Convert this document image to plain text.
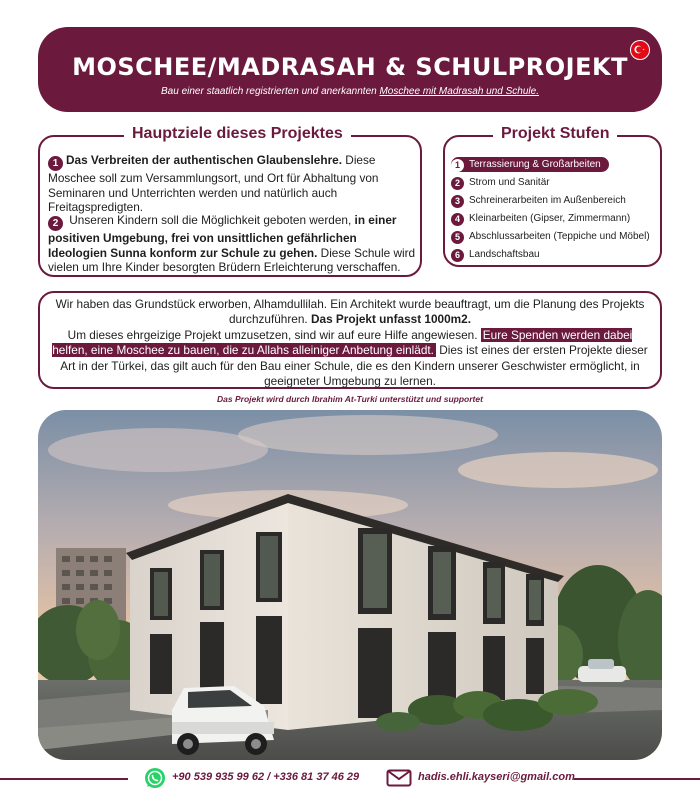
MOSCHEE/MADRASAH & SCHULPROJEKT
Bau einer staatlich registrierten und anerkannten Moschee mit Madrasah und Schule.
Hauptziele dieses Projektes
1 Das Verbreiten der authentischen Glaubenslehre. Diese Moschee soll zum Versammlungsort, und Ort für Abhaltung von Seminaren und Unterrichten werden und natürlich auch Freitagspredigten.
2 Unseren Kindern soll die Möglichkeit geboten werden, in einer positiven Umgebung, frei von unsittlichen gefährlichen Ideologien Sunna konform zur Schule zu gehen. Diese Schule wird vielen um Ihre Kinder besorgten Brüdern Erleichterung verschaffen.
Projekt Stufen
1 Terrassierung & Großarbeiten
2 Strom und Sanitär
3 Schreinerarbeiten im Außenbereich
4 Kleinarbeiten (Gipser, Zimmermann)
5 Abschlussarbeiten (Teppiche und Möbel)
6 Landschaftsbau
Wir haben das Grundstück erworben, Alhamdullilah. Ein Architekt wurde beauftragt, um die Planung des Projekts durchzuführen. Das Projekt unfasst 1000m2.
Um dieses ehrgeizige Projekt umzusetzen, sind wir auf eure Hilfe angewiesen. Eure Spenden werden dabei helfen, eine Moschee zu bauen, die zu Allahs alleiniger Anbetung einlädt. Dies ist eines der ersten Projekte dieser Art in der Türkei, das gilt auch für den Bau einer Schule, die es den Kindern unserer Geschwister ermöglicht, in geeigneter Umgebung zu lernen.
Das Projekt wird durch Ibrahim At-Turki unterstützt und supportet
+90 539 935 99 62 / +336 81 37 46 29	hadis.ehli.kayseri@gmail.com
